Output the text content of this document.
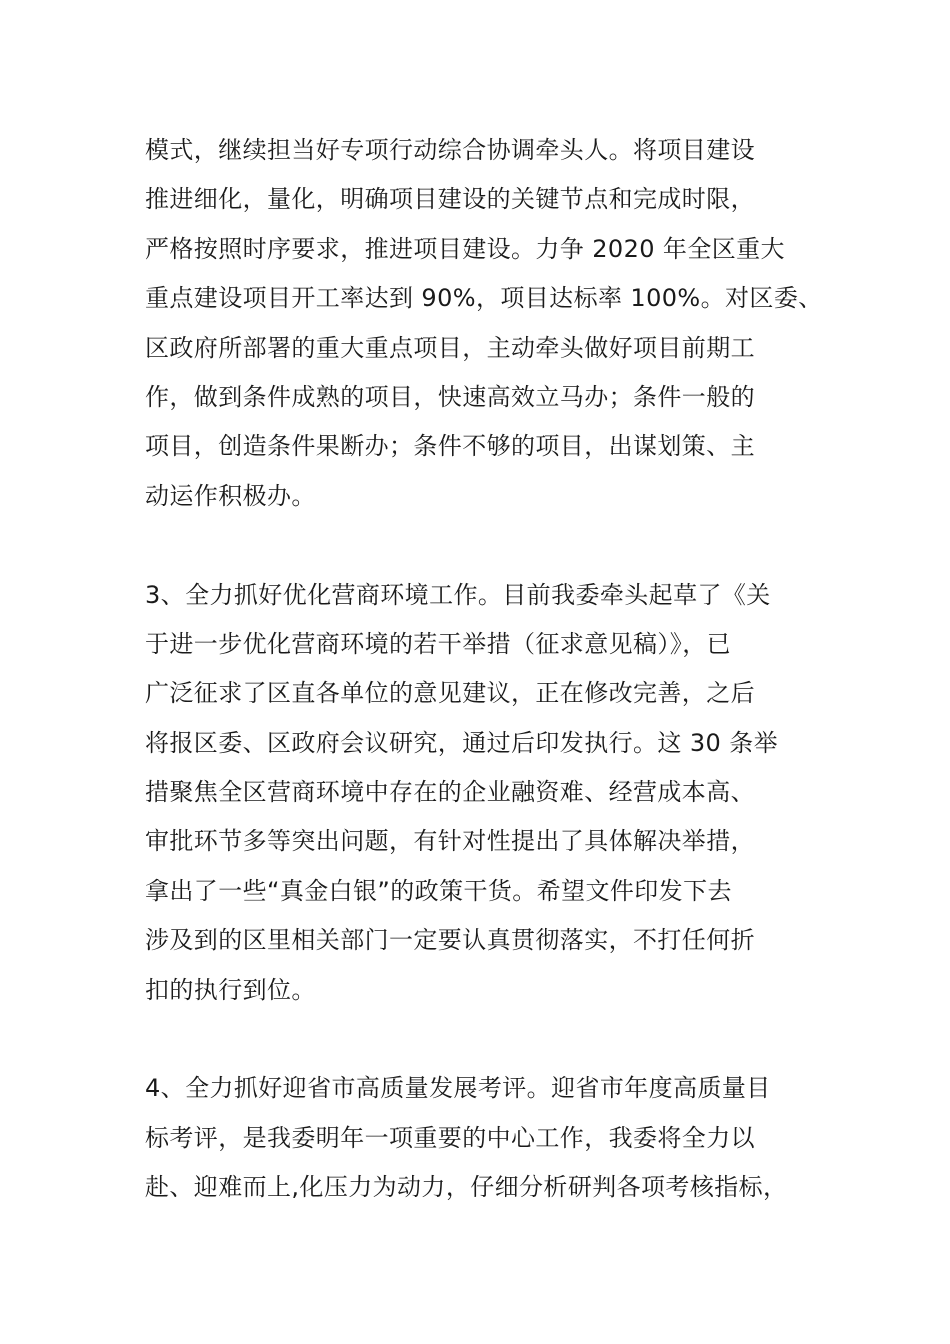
模式，继续担当好专项行动综合协调牵头人。将项目建设
推进细化，量化，明确项目建设的关键节点和完成时限，
严格按照时序要求，推进项目建设。力争 2020 年全区重大
重点建设项目开工率达到 90%，项目达标率 100%。对区委、
区政府所部署的重大重点项目，主动牵头做好项目前期工
作，做到条件成熟的项目，快速高效立马办；条件一般的
项目，创造条件果断办；条件不够的项目，出谋划策、主
动运作积极办。
3、全力抓好优化营商环境工作。目前我委牵头起草了《关
于进一步优化营商环境的若干举措（征求意见稿）》，已
广泛征求了区直各单位的意见建议，正在修改完善，之后
将报区委、区政府会议研究，通过后印发执行。这 30 条举
措聚焦全区营商环境中存在的企业融资难、经营成本高、
审批环节多等突出问题，有针对性提出了具体解决举措，
拿出了一些“真金白银”的政策干货。希望文件印发下去
涉及到的区里相关部门一定要认真贯彻落实，不打任何折
扣的执行到位。
4、全力抓好迎省市高质量发展考评。迎省市年度高质量目
标考评，是我委明年一项重要的中心工作，我委将全力以
赴、迎难而上,化压力为动力，仔细分析研判各项考核指标，
